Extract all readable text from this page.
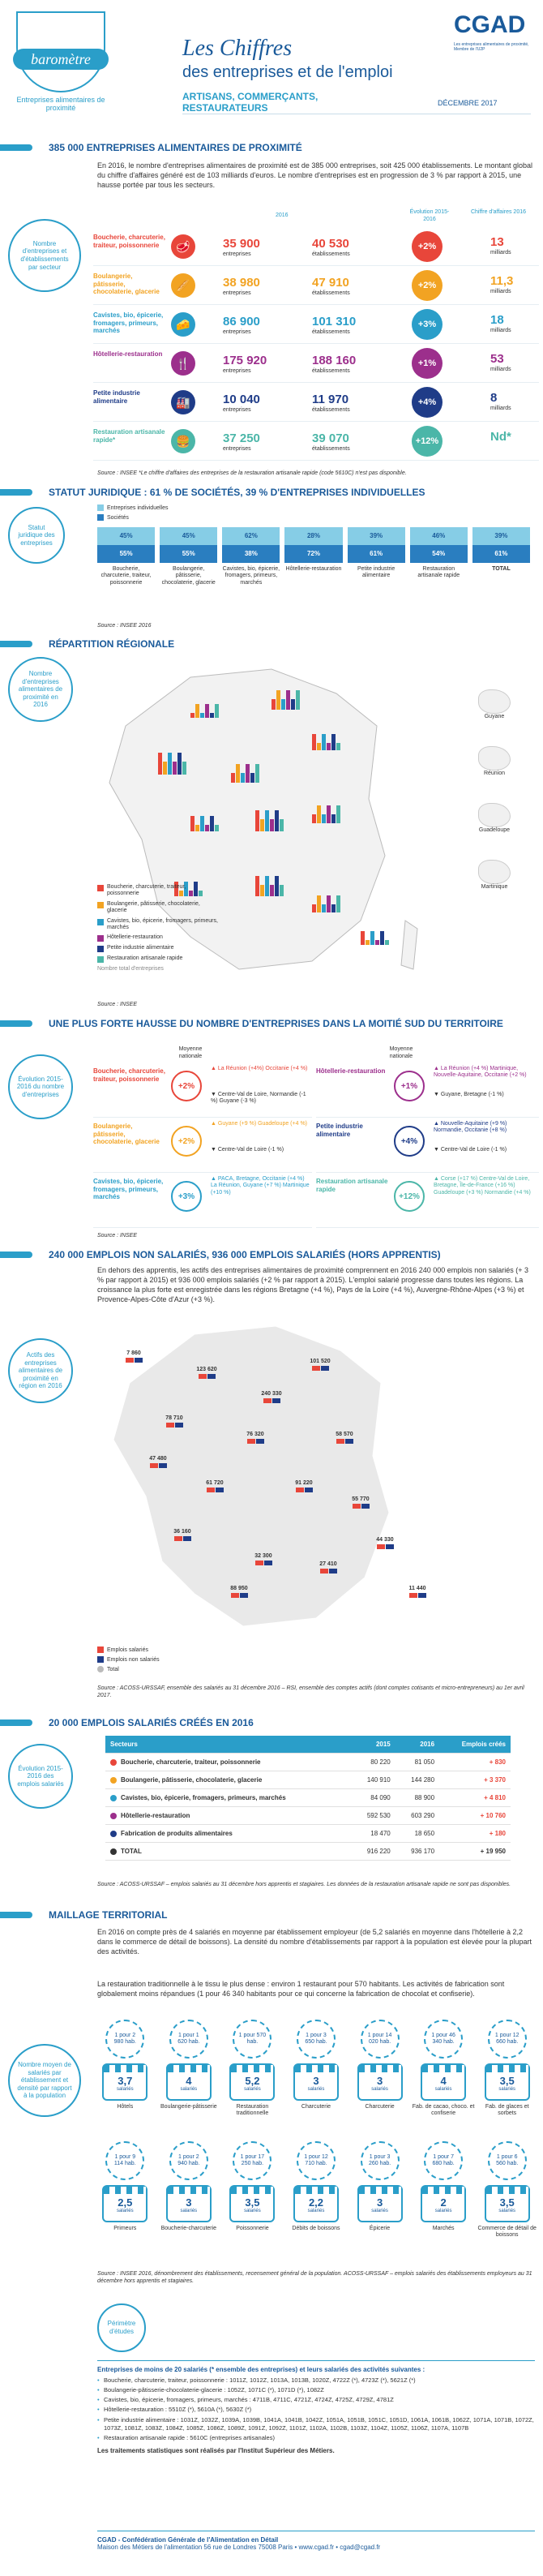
baromètre
Entreprises alimentaires de proximité
Les Chiffres
des entreprises et de l'emploi
ARTISANS, COMMERÇANTS, RESTAURATEURS	DÉCEMBRE 2017
CGAD
Les entreprises alimentaires de proximité, Membre de l'U2P
385 000 ENTREPRISES ALIMENTAIRES DE PROXIMITÉ
En 2016, le nombre d'entreprises alimentaires de proximité est de 385 000 entreprises, soit 425 000 établissements. Le montant global du chiffre d'affaires généré est de 103 milliards d'euros. Le nombre d'entreprises est en progression de 3 % par rapport à 2015, une hausse portée par tous les secteurs.
Nombre d'entreprises et d'établissements par secteur
2016
Évolution 2015-2016
Chiffre d'affaires 2016
Boucherie, charcuterie, traiteur, poissonnerie	🥩	35 900
entreprises
40 530
établissements
+2%	13
milliards
Boulangerie, pâtisserie, chocolaterie, glacerie
🥖	38 980
entreprises
47 910
établissements
+2%	11,3
milliards
Cavistes, bio, épicerie, fromagers, primeurs, marchés
🧀	86 900
entreprises
101 310
établissements
+3%	18
milliards
Hôtellerie-restauration
🍴	175 920
entreprises
188 160
établissements
+1%	53
milliards
Petite industrie alimentaire	🏭	10 040
entreprises
11 970
établissements
+4%	8
milliards
Restauration artisanale rapide*	🍔	37 250
entreprises
39 070
établissements
+12%	Nd*
Source : INSEE *Le chiffre d'affaires des entreprises de la restauration artisanale rapide (code 5610C) n'est pas disponible.
STATUT JURIDIQUE : 61 % DE SOCIÉTÉS, 39 % D'ENTREPRISES INDIVIDUELLES
Statut juridique des entreprises
Entreprises individuelles
Sociétés
45%
55%
Boucherie, charcuterie, traiteur, poissonnerie
45%
55%
Boulangerie, pâtisserie, chocolaterie, glacerie
62%
38%
Cavistes, bio, épicerie, fromagers, primeurs, marchés
28%
72%
Hôtellerie-restauration
39%
61%
Petite industrie alimentaire
46%
54%
Restauration artisanale rapide
39%
61%
TOTAL
Source : INSEE 2016
RÉPARTITION RÉGIONALE
Nombre d'entreprises alimentaires de proximité en 2016
Guyane
Réunion
Guadeloupe
Martinique
Boucherie, charcuterie, traiteur, poissonnerie
Boulangerie, pâtisserie, chocolaterie, glacerie
Cavistes, bio, épicerie, fromagers, primeurs, marchés
Hôtellerie-restauration
Petite industrie alimentaire
Restauration artisanale rapide
Nombre total d'entreprises
Source : INSEE
UNE PLUS FORTE HAUSSE DU NOMBRE D'ENTREPRISES DANS LA MOITIÉ SUD DU TERRITOIRE
Évolution 2015-2016 du nombre d'entreprises
Moyenne nationale
Moyenne nationale
Boucherie, charcuterie, traiteur, poissonnerie
+2%
▲ La Réunion (+4%) Occitanie (+4 %)
▼ Centre-Val de Loire, Normandie (-1 %) Guyane (-3 %)
Boulangerie, pâtisserie, chocolaterie, glacerie	+2%
▲ Guyane (+9 %) Guadeloupe (+4 %)
▼ Centre-Val de Loire (-1 %)
Cavistes, bio, épicerie, fromagers, primeurs, marchés	+3%
▲ PACA, Bretagne, Occitanie (+4 %) La Réunion, Guyane (+7 %) Martinique (+10 %)
Hôtellerie-restauration
+1%
▲ La Réunion (+4 %) Martinique, Nouvelle-Aquitaine, Occitanie (+2 %)
▼ Guyane, Bretagne (-1 %)
Petite industrie alimentaire
+4%
▲ Nouvelle-Aquitaine (+9 %) Normandie, Occitanie (+8 %)
▼ Centre-Val de Loire (-1 %)
Restauration artisanale rapide
+12%
▲ Corse (+17 %) Centre-Val de Loire, Bretagne, Île-de-France (+16 %) Guadeloupe (+3 %) Normandie (+4 %)
Source : INSEE
240 000 EMPLOIS NON SALARIÉS, 936 000 EMPLOIS SALARIÉS (HORS APPRENTIS)
En dehors des apprentis, les actifs des entreprises alimentaires de proximité comprennent en 2016 240 000 emplois non salariés (+ 3 % par rapport à 2015) et 936 000 emplois salariés (+2 % par rapport à 2015). L'emploi salarié progresse dans toutes les régions. La croissance la plus forte est enregistrée dans les régions Bretagne (+4 %), Pays de la Loire (+4 %), Auvergne-Rhône-Alpes (+3 %) et Provence-Alpes-Côte d'Azur (+3 %).
Actifs des entreprises alimentaires de proximité en région en 2016
240 330
123 620
101 520
78 710
76 320	58 570
47 480
61 720	91 220
55 770
36 160
32 300
27 410
44 330
88 950	11 440
7 860
Emplois salariés
Emplois non salariés
Total
Source : ACOSS-URSSAF, ensemble des salariés au 31 décembre 2016 – RSI, ensemble des comptes actifs (dont comptes cotisants et micro-entrepreneurs) au 1er avril 2017.
20 000 EMPLOIS SALARIÉS CRÉÉS EN 2016
Évolution 2015-2016 des emplois salariés
Secteurs	2015	2016	Emplois créés
Boucherie, charcuterie, traiteur, poissonnerie	80 220	81 050	+ 830
Boulangerie, pâtisserie, chocolaterie, glacerie	140 910	144 280	+ 3 370
Cavistes, bio, épicerie, fromagers, primeurs, marchés	84 090	88 900	+ 4 810
Hôtellerie-restauration	592 530	603 290	+ 10 760
Fabrication de produits alimentaires	18 470	18 650	+ 180
TOTAL	916 220	936 170	+ 19 950
Source : ACOSS-URSSAF – emplois salariés au 31 décembre hors apprentis et stagiaires. Les données de la restauration artisanale rapide ne sont pas disponibles.
MAILLAGE TERRITORIAL
En 2016 on compte près de 4 salariés en moyenne par établissement employeur (de 5,2 salariés en moyenne dans l'hôtellerie à 2,2 dans le commerce de détail de boissons). La densité du nombre d'établissements par rapport à la population est élevée pour la plupart des activités.
La restauration traditionnelle à le tissu le plus dense : environ 1 restaurant pour 570 habitants. Les activités de fabrication sont globalement moins répandues (1 pour 46 340 habitants pour ce qui concerne la fabrication de chocolat et confiserie).
Nombre moyen de salariés par établissement et densité par rapport à la population
1 pour 2 980 hab.
3,7
salariés
Hôtels
1 pour 1 620 hab.
4
salariés
Boulangerie-pâtisserie
1 pour 570 hab.
5,2
salariés
Restauration traditionnelle
1 pour 3 650 hab.
3
salariés
Charcuterie
1 pour 14 020 hab.
3
salariés
Charcuterie
1 pour 46 340 hab.
4
salariés
Fab. de cacao, choco. et confiserie
1 pour 12 660 hab.
3,5
salariés
Fab. de glaces et sorbets
1 pour 9 114 hab.
2,5
salariés
Primeurs
1 pour 2 940 hab.
3
salariés
Boucherie-charcuterie
1 pour 17 250 hab.
3,5
salariés
Poissonnerie
1 pour 12 710 hab.
2,2
salariés
Débits de boissons
1 pour 3 260 hab.
3
salariés
Épicerie
1 pour 7 680 hab.
2
salariés
Marchés
1 pour 6 560 hab.
3,5
salariés
Commerce de détail de boissons
Source : INSEE 2016, dénombrement des établissements, recensement général de la population. ACOSS-URSSAF – emplois salariés des établissements employeurs au 31 décembre hors apprentis et stagiaires.
Périmètre d'études
Entreprises de moins de 20 salariés (* ensemble des entreprises) et leurs salariés des activités suivantes :
• Boucherie, charcuterie, traiteur, poissonnerie : 1011Z, 1012Z, 1013A, 1013B, 1020Z, 4722Z (*), 4723Z (*), 5621Z (*)
• Boulangerie-pâtisserie-chocolaterie-glacerie : 1052Z, 1071C (*), 1071D (*), 1082Z
• Cavistes, bio, épicerie, fromagers, primeurs, marchés : 4711B, 4711C, 4721Z, 4724Z, 4725Z, 4729Z, 4781Z
• Hôtellerie-restauration : 5510Z (*), 5610A (*), 5630Z (*)
• Petite industrie alimentaire : 1031Z, 1032Z, 1039A, 1039B, 1041A, 1041B, 1042Z, 1051A, 1051B, 1051C, 1051D, 1061A, 1061B, 1062Z, 1071A, 1071B, 1072Z, 1073Z, 1081Z, 1083Z, 1084Z, 1085Z, 1086Z, 1089Z, 1091Z, 1092Z, 1101Z, 1102A, 1102B, 1103Z, 1104Z, 1105Z, 1106Z, 1107A, 1107B
• Restauration artisanale rapide : 5610C (entreprises artisanales)
Les traitements statistiques sont réalisés par l'Institut Supérieur des Métiers.
CGAD - Confédération Générale de l'Alimentation en Détail
Maison des Métiers de l'alimentation 56 rue de Londres 75008 Paris • www.cgad.fr • cgad@cgad.fr
